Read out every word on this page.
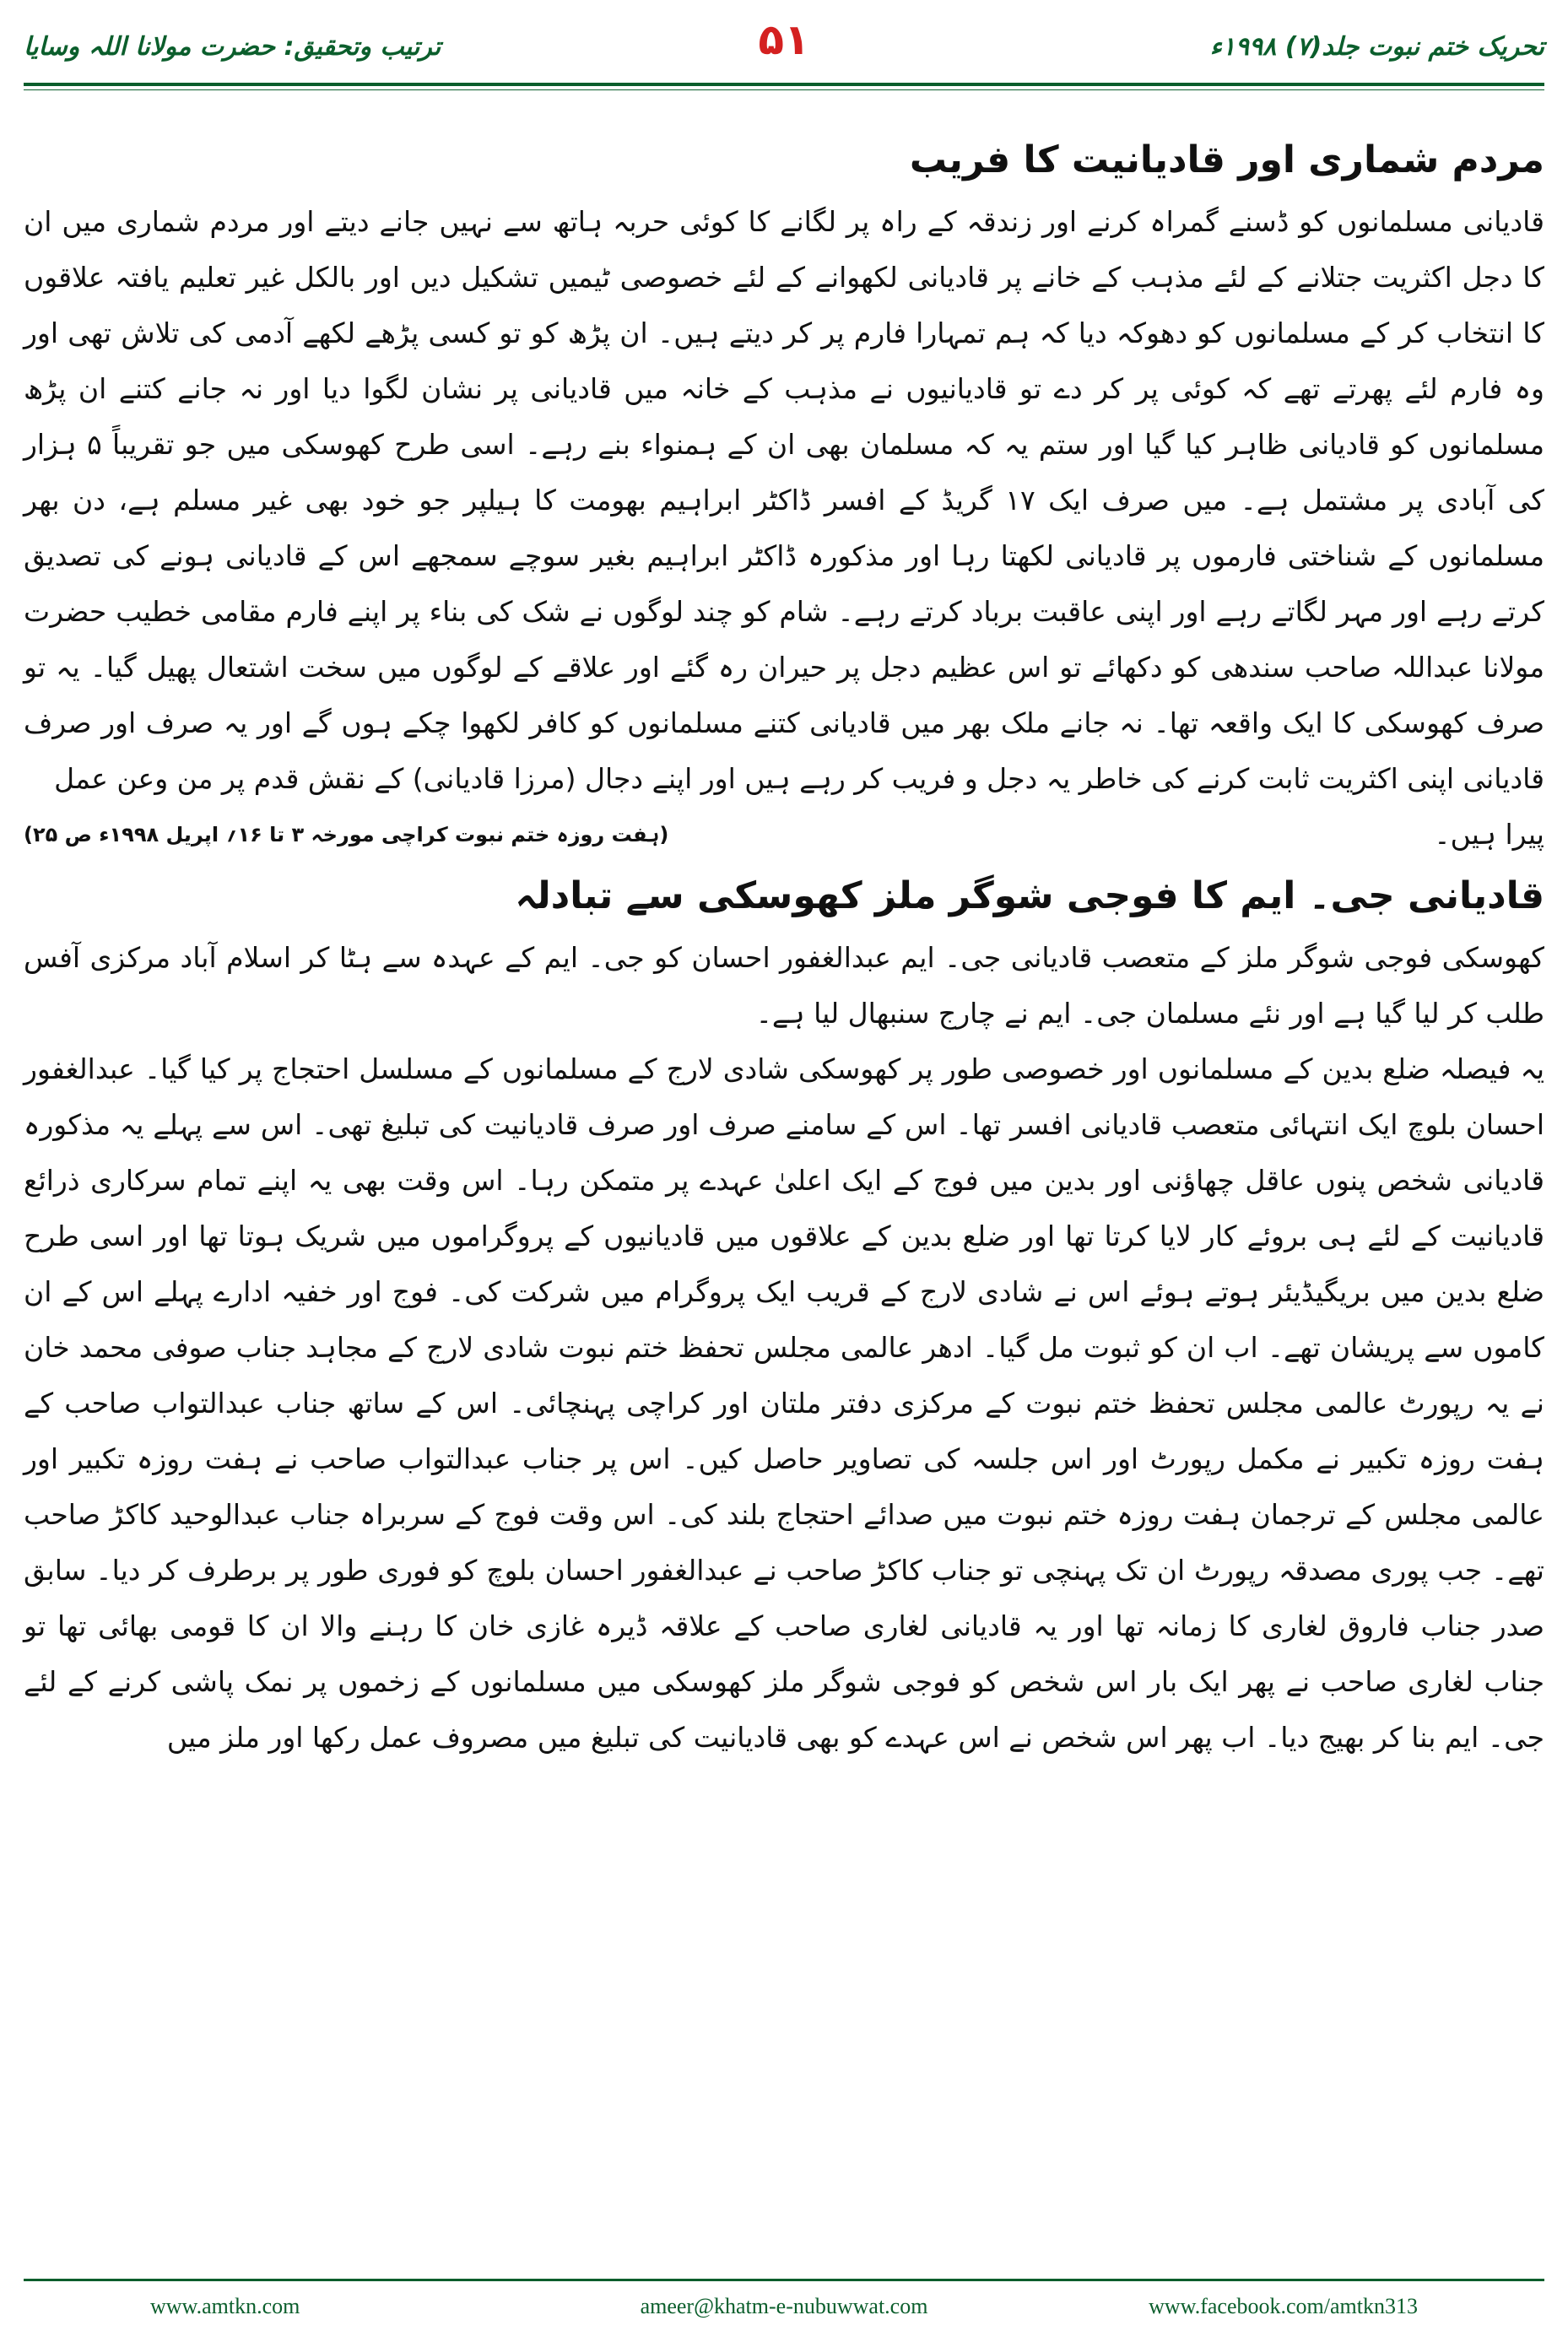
ترتیب وتحقیق: حضرت مولانا اللہ وسایا	۵۱	تحریک ختم نبوت جلد(۷) ۱۹۹۸ء
مردم شماری اور قادیانیت کا فریب

قادیانی مسلمانوں کو ڈسنے گمراہ کرنے اور زندقہ کے راہ پر لگانے کا کوئی حربہ ہاتھ سے نہیں جانے دیتے اور مردم شماری میں ان کا دجل اکثریت جتلانے کے لئے مذہب کے خانے پر قادیانی لکھوانے کے لئے خصوصی ٹیمیں تشکیل دیں اور بالکل غیر تعلیم یافتہ علاقوں کا انتخاب کر کے مسلمانوں کو دھوکہ دیا کہ ہم تمہارا فارم پر کر دیتے ہیں۔ ان پڑھ کو تو کسی پڑھے لکھے آدمی کی تلاش تھی اور وہ فارم لئے پھرتے تھے کہ کوئی پر کر دے تو قادیانیوں نے مذہب کے خانہ میں قادیانی پر نشان لگوا دیا اور نہ جانے کتنے ان پڑھ مسلمانوں کو قادیانی ظاہر کیا گیا اور ستم یہ کہ مسلمان بھی ان کے ہمنواء بنے رہے۔ اسی طرح کھوسکی میں جو تقریباً ۵ ہزار کی آبادی پر مشتمل ہے۔ میں صرف ایک ۱۷ گریڈ کے افسر ڈاکٹر ابراہیم بھومت کا ہیلپر جو خود بھی غیر مسلم ہے، دن بھر مسلمانوں کے شناختی فارموں پر قادیانی لکھتا رہا اور مذکورہ ڈاکٹر ابراہیم بغیر سوچے سمجھے اس کے قادیانی ہونے کی تصدیق کرتے رہے اور مہر لگاتے رہے اور اپنی عاقبت برباد کرتے رہے۔ شام کو چند لوگوں نے شک کی بناء پر اپنے فارم مقامی خطیب حضرت مولانا عبداللہ صاحب سندھی کو دکھائے تو اس عظیم دجل پر حیران رہ گئے اور علاقے کے لوگوں میں سخت اشتعال پھیل گیا۔ یہ تو صرف کھوسکی کا ایک واقعہ تھا۔ نہ جانے ملک بھر میں قادیانی کتنے مسلمانوں کو کافر لکھوا چکے ہوں گے اور یہ صرف اور صرف قادیانی اپنی اکثریت ثابت کرنے کی خاطر یہ دجل و فریب کر رہے ہیں اور اپنے دجال (مرزا قادیانی) کے نقش قدم پر من وعن عمل

پیرا ہیں۔
(ہفت روزہ ختم نبوت کراچی مورخہ ۳ تا ۱۶؍ اپریل ۱۹۹۸ء ص ۲۵)
قادیانی جی۔ ایم کا فوجی شوگر ملز کھوسکی سے تبادلہ

کھوسکی فوجی شوگر ملز کے متعصب قادیانی جی۔ ایم عبدالغفور احسان کو جی۔ ایم کے عہدہ سے ہٹا کر اسلام آباد مرکزی آفس طلب کر لیا گیا ہے اور نئے مسلمان جی۔ ایم نے چارج سنبھال لیا ہے۔

یہ فیصلہ ضلع بدین کے مسلمانوں اور خصوصی طور پر کھوسکی شادی لارج کے مسلمانوں کے مسلسل احتجاج پر کیا گیا۔ عبدالغفور احسان بلوچ ایک انتہائی متعصب قادیانی افسر تھا۔ اس کے سامنے صرف اور صرف قادیانیت کی تبلیغ تھی۔ اس سے پہلے یہ مذکورہ قادیانی شخص پنوں عاقل چھاؤنی اور بدین میں فوج کے ایک اعلیٰ عہدے پر متمکن رہا۔ اس وقت بھی یہ اپنے تمام سرکاری ذرائع قادیانیت کے لئے ہی بروئے کار لایا کرتا تھا اور ضلع بدین کے علاقوں میں قادیانیوں کے پروگراموں میں شریک ہوتا تھا اور اسی طرح ضلع بدین میں بریگیڈیئر ہوتے ہوئے اس نے شادی لارج کے قریب ایک پروگرام میں شرکت کی۔ فوج اور خفیہ ادارے پہلے اس کے ان کاموں سے پریشان تھے۔ اب ان کو ثبوت مل گیا۔ ادھر عالمی مجلس تحفظ ختم نبوت شادی لارج کے مجاہد جناب صوفی محمد خان نے یہ رپورٹ عالمی مجلس تحفظ ختم نبوت کے مرکزی دفتر ملتان اور کراچی پہنچائی۔ اس کے ساتھ جناب عبدالتواب صاحب کے ہفت روزہ تکبیر نے مکمل رپورٹ اور اس جلسہ کی تصاویر حاصل کیں۔ اس پر جناب عبدالتواب صاحب نے ہفت روزہ تکبیر اور عالمی مجلس کے ترجمان ہفت روزہ ختم نبوت میں صدائے احتجاج بلند کی۔ اس وقت فوج کے سربراہ جناب عبدالوحید کاکڑ صاحب تھے۔ جب پوری مصدقہ رپورٹ ان تک پہنچی تو جناب کاکڑ صاحب نے عبدالغفور احسان بلوچ کو فوری طور پر برطرف کر دیا۔ سابق صدر جناب فاروق لغاری کا زمانہ تھا اور یہ قادیانی لغاری صاحب کے علاقہ ڈیرہ غازی خان کا رہنے والا ان کا قومی بھائی تھا تو جناب لغاری صاحب نے پھر ایک بار اس شخص کو فوجی شوگر ملز کھوسکی میں مسلمانوں کے زخموں پر نمک پاشی کرنے کے لئے جی۔ ایم بنا کر بھیج دیا۔ اب پھر اس شخص نے اس عہدے کو بھی قادیانیت کی تبلیغ میں مصروف عمل رکھا اور ملز میں

www.amtkn.com	ameer@khatm-e-nubuwwat.com	www.facebook.com/amtkn313
